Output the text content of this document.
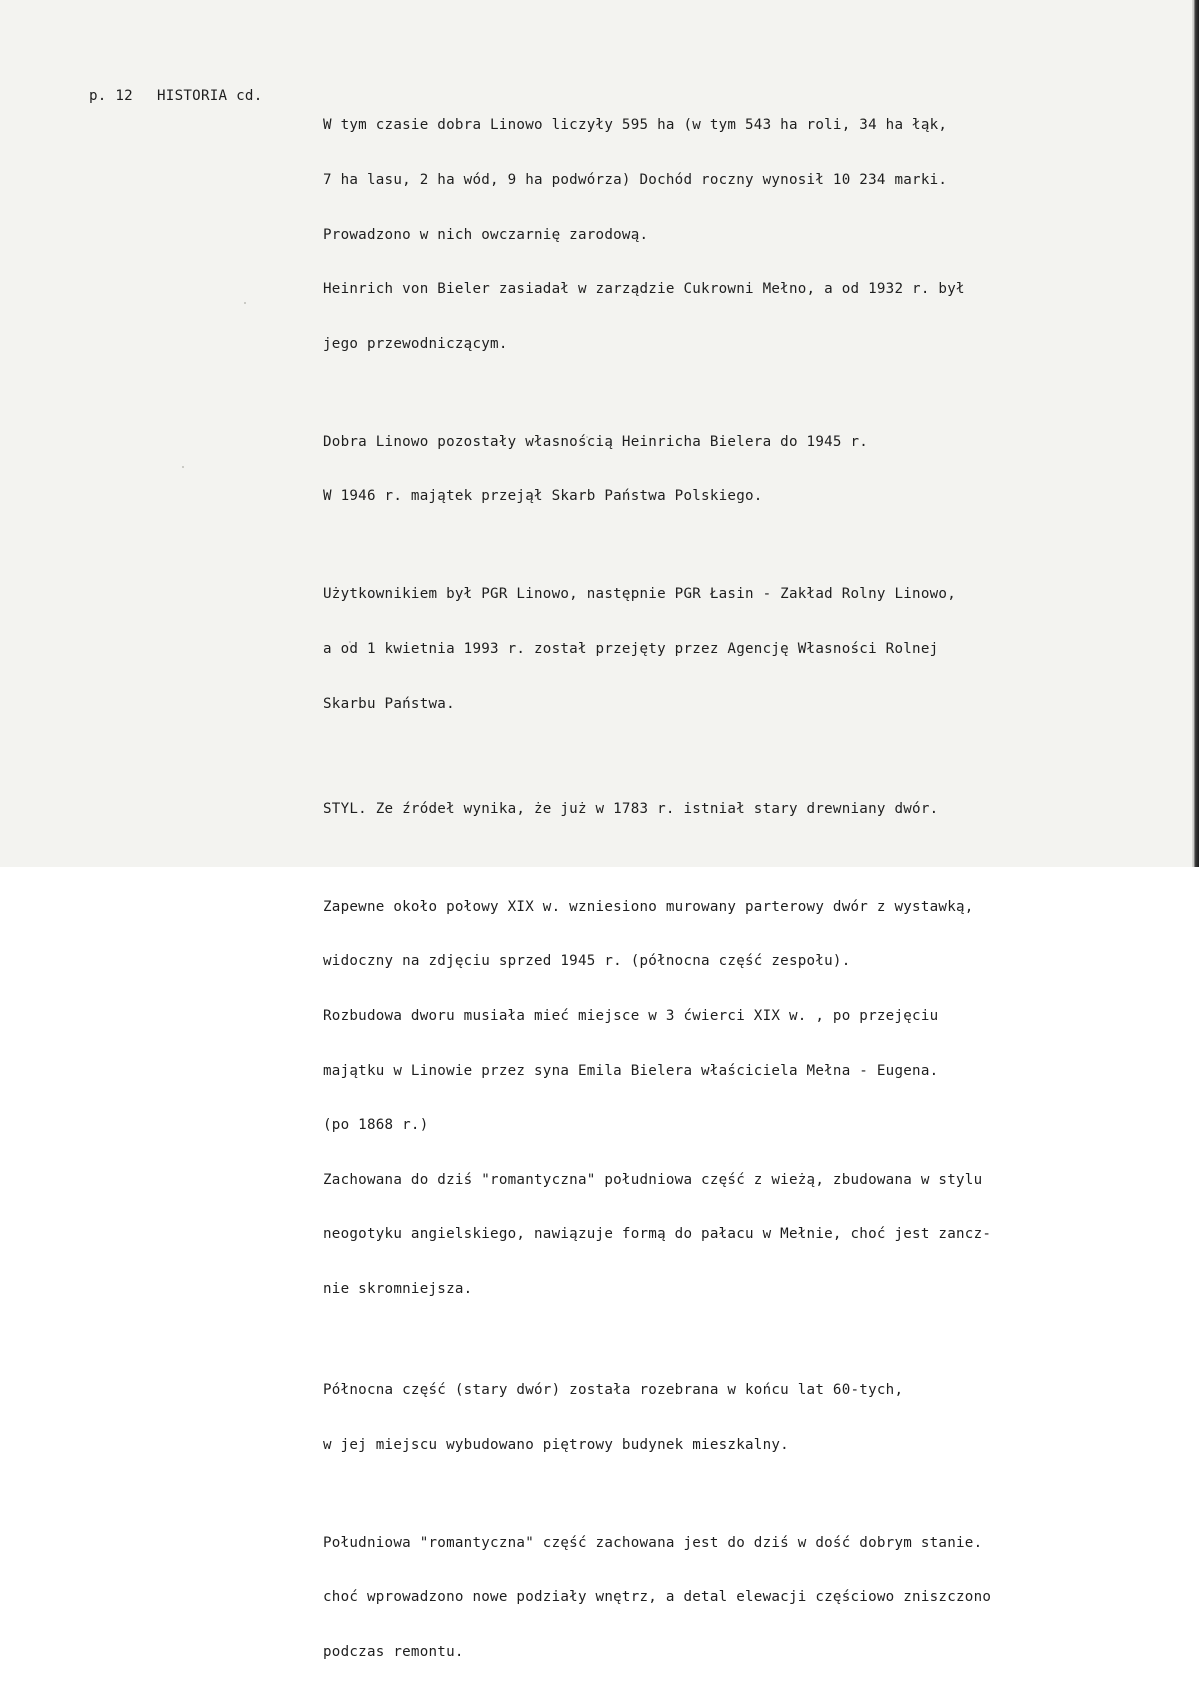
p. 12 HISTORIA cd.

W tym czasie dobra Linowo liczyły 595 ha (w tym 543 ha roli, 34 ha łąk,

7 ha lasu, 2 ha wód, 9 ha podwórza) Dochód roczny wynosił 10 234 marki.

Prowadzono w nich owczarnię zarodową.

Heinrich von Bieler zasiadał w zarządzie Cukrowni Mełno, a od 1932 r. był

jego przewodniczącym.

Dobra Linowo pozostały własnością Heinricha Bielera do 1945 r.

W 1946 r. majątek przejął Skarb Państwa Polskiego.

Użytkownikiem był PGR Linowo, następnie PGR Łasin - Zakład Rolny Linowo,

a od 1 kwietnia 1993 r. został przejęty przez Agencję Własności Rolnej

Skarbu Państwa.

STYL. Ze źródeł wynika, że już w 1783 r. istniał stary drewniany dwór.

Zapewne około połowy XIX w. wzniesiono murowany parterowy dwór z wystawką,

widoczny na zdjęciu sprzed 1945 r. (północna część zespołu).

Rozbudowa dworu musiała mieć miejsce w 3 ćwierci XIX w. , po przejęciu

majątku w Linowie przez syna Emila Bielera właściciela Mełna - Eugena.

(po 1868 r.)

Zachowana do dziś "romantyczna" południowa część z wieżą, zbudowana w stylu

neogotyku angielskiego, nawiązuje formą do pałacu w Mełnie, choć jest zancz-

nie skromniejsza.

Północna część (stary dwór) została rozebrana w końcu lat 60-tych,

w jej miejscu wybudowano piętrowy budynek mieszkalny.

Południowa "romantyczna" część zachowana jest do dziś w dość dobrym stanie.

choć wprowadzono nowe podziały wnętrz, a detal elewacji częściowo zniszczono

podczas remontu.
